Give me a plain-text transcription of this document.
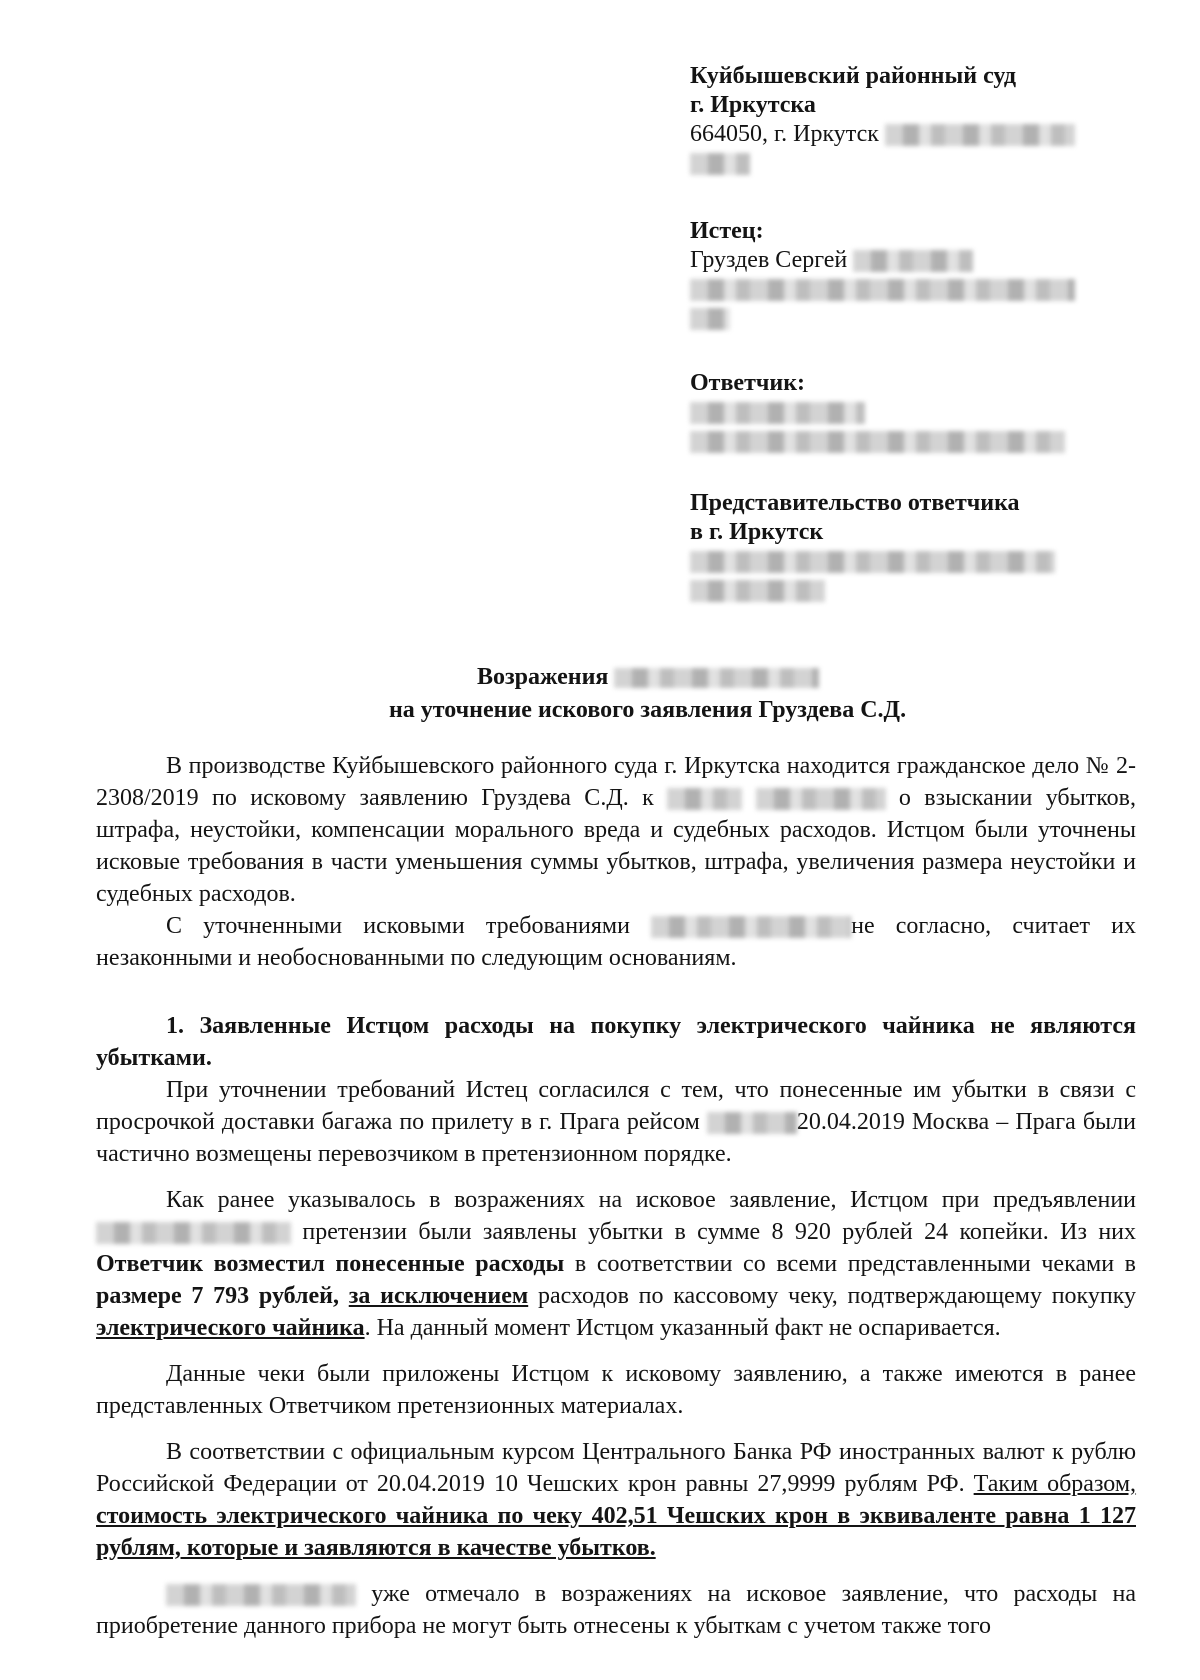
Куйбышевский районный суд
г. Иркутска
664050, г. Иркутск
Истец:
Груздев Сергей
Ответчик:
Представительство ответчика
в г. Иркутск
Возражения
на уточнение искового заявления Груздева С.Д.

В производстве Куйбышевского районного суда г. Иркутска находится гражданское дело № 2-2308/2019 по исковому заявлению Груздева С.Д. к	о взыскании убытков, штрафа, неустойки, компенсации морального вреда и судебных расходов. Истцом были уточнены исковые требования в части уменьшения суммы убытков, штрафа, увеличения размера неустойки и судебных расходов.

С уточненными исковыми требованиями	не согласно, считает их незаконными и необоснованными по следующим основаниям.

1. Заявленные Истцом расходы на покупку электрического чайника не являются убытками.

При уточнении требований Истец согласился с тем, что понесенные им убытки в связи с просрочкой доставки багажа по прилету в г. Прага рейсом	20.04.2019 Москва – Прага были частично возмещены перевозчиком в претензионном порядке.

Как ранее указывалось в возражениях на исковое заявление, Истцом при предъявлении  претензии были заявлены убытки в сумме 8 920 рублей 24 копейки. Из них Ответчик возместил понесенные расходы в соответствии со всеми представленными чеками в размере 7 793 рублей, за исключением расходов по кассовому чеку, подтверждающему покупку электрического чайника. На данный момент Истцом указанный факт не оспаривается.

Данные чеки были приложены Истцом к исковому заявлению, а также имеются в ранее представленных Ответчиком претензионных материалах.

В соответствии с официальным курсом Центрального Банка РФ иностранных валют к рублю Российской Федерации от 20.04.2019 10 Чешских крон равны 27,9999 рублям РФ. Таким образом, стоимость электрического чайника по чеку 402,51 Чешских крон в эквиваленте равна 1 127 рублям, которые и заявляются в качестве убытков.

уже отмечало в возражениях на исковое заявление, что расходы на приобретение данного прибора не могут быть отнесены к убыткам с учетом также того
